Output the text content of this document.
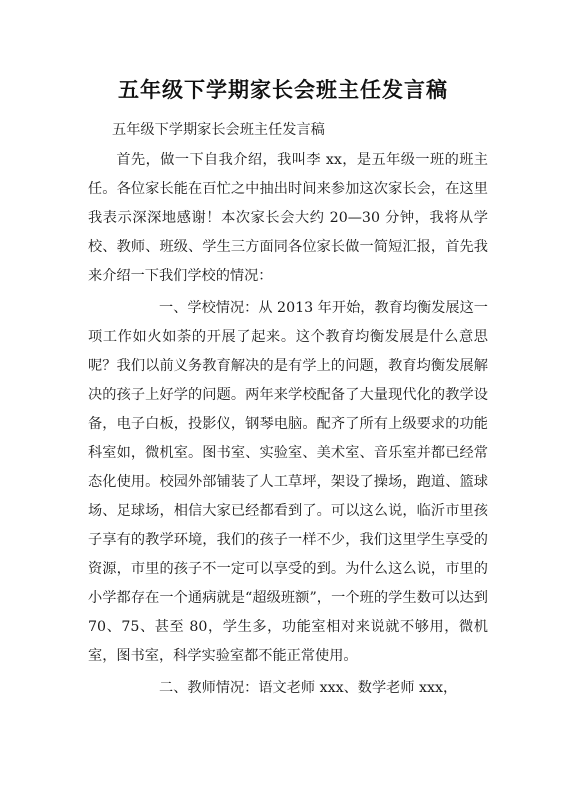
五年级下学期家长会班主任发言稿

五年级下学期家长会班主任发言稿

首先，做一下自我介绍，我叫李 xx，是五年级一班的班主任。各位家长能在百忙之中抽出时间来参加这次家长会，在这里我表示深深地感谢！本次家长会大约 20—30 分钟，我将从学校、教师、班级、学生三方面同各位家长做一简短汇报，首先我来介绍一下我们学校的情况：

一、学校情况：从 2013 年开始，教育均衡发展这一项工作如火如荼的开展了起来。这个教育均衡发展是什么意思呢？我们以前义务教育解决的是有学上的问题，教育均衡发展解决的孩子上好学的问题。两年来学校配备了大量现代化的教学设备，电子白板，投影仪，钢琴电脑。配齐了所有上级要求的功能科室如，微机室。图书室、实验室、美术室、音乐室并都已经常态化使用。校园外部铺装了人工草坪，架设了操场，跑道、篮球场、足球场，相信大家已经都看到了。可以这么说，临沂市里孩子享有的教学环境，我们的孩子一样不少，我们这里学生享受的资源，市里的孩子不一定可以享受的到。为什么这么说，市里的小学都存在一个通病就是“超级班额”，一个班的学生数可以达到 70、75、甚至 80，学生多，功能室相对来说就不够用，微机室，图书室，科学实验室都不能正常使用。

二、教师情况：语文老师 xxx、数学老师 xxx，
